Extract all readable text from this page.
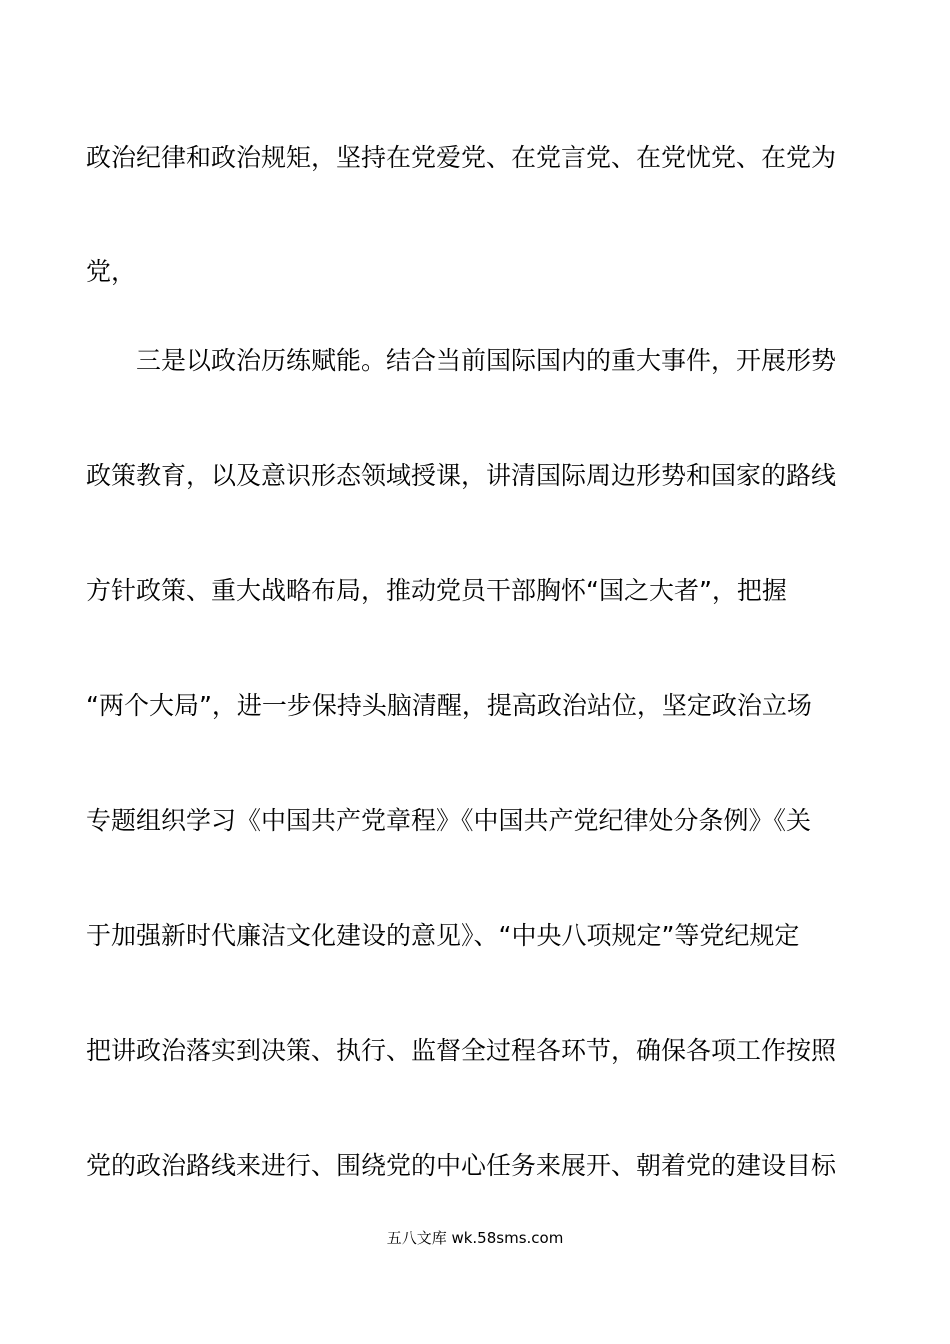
政治纪律和政治规矩，坚持在党爱党、在党言党、在党忧党、在党为
党，
三是以政治历练赋能。结合当前国际国内的重大事件，开展形势
政策教育，以及意识形态领域授课，讲清国际周边形势和国家的路线
方针政策、重大战略布局，推动党员干部胸怀“国之大者”，把握
“两个大局”，进一步保持头脑清醒，提高政治站位，坚定政治立场
专题组织学习《中国共产党章程》《中国共产党纪律处分条例》《关
于加强新时代廉洁文化建设的意见》、“中央八项规定”等党纪规定
把讲政治落实到决策、执行、监督全过程各环节，确保各项工作按照
党的政治路线来进行、围绕党的中心任务来展开、朝着党的建设目标
五八文库 wk.58sms.com
